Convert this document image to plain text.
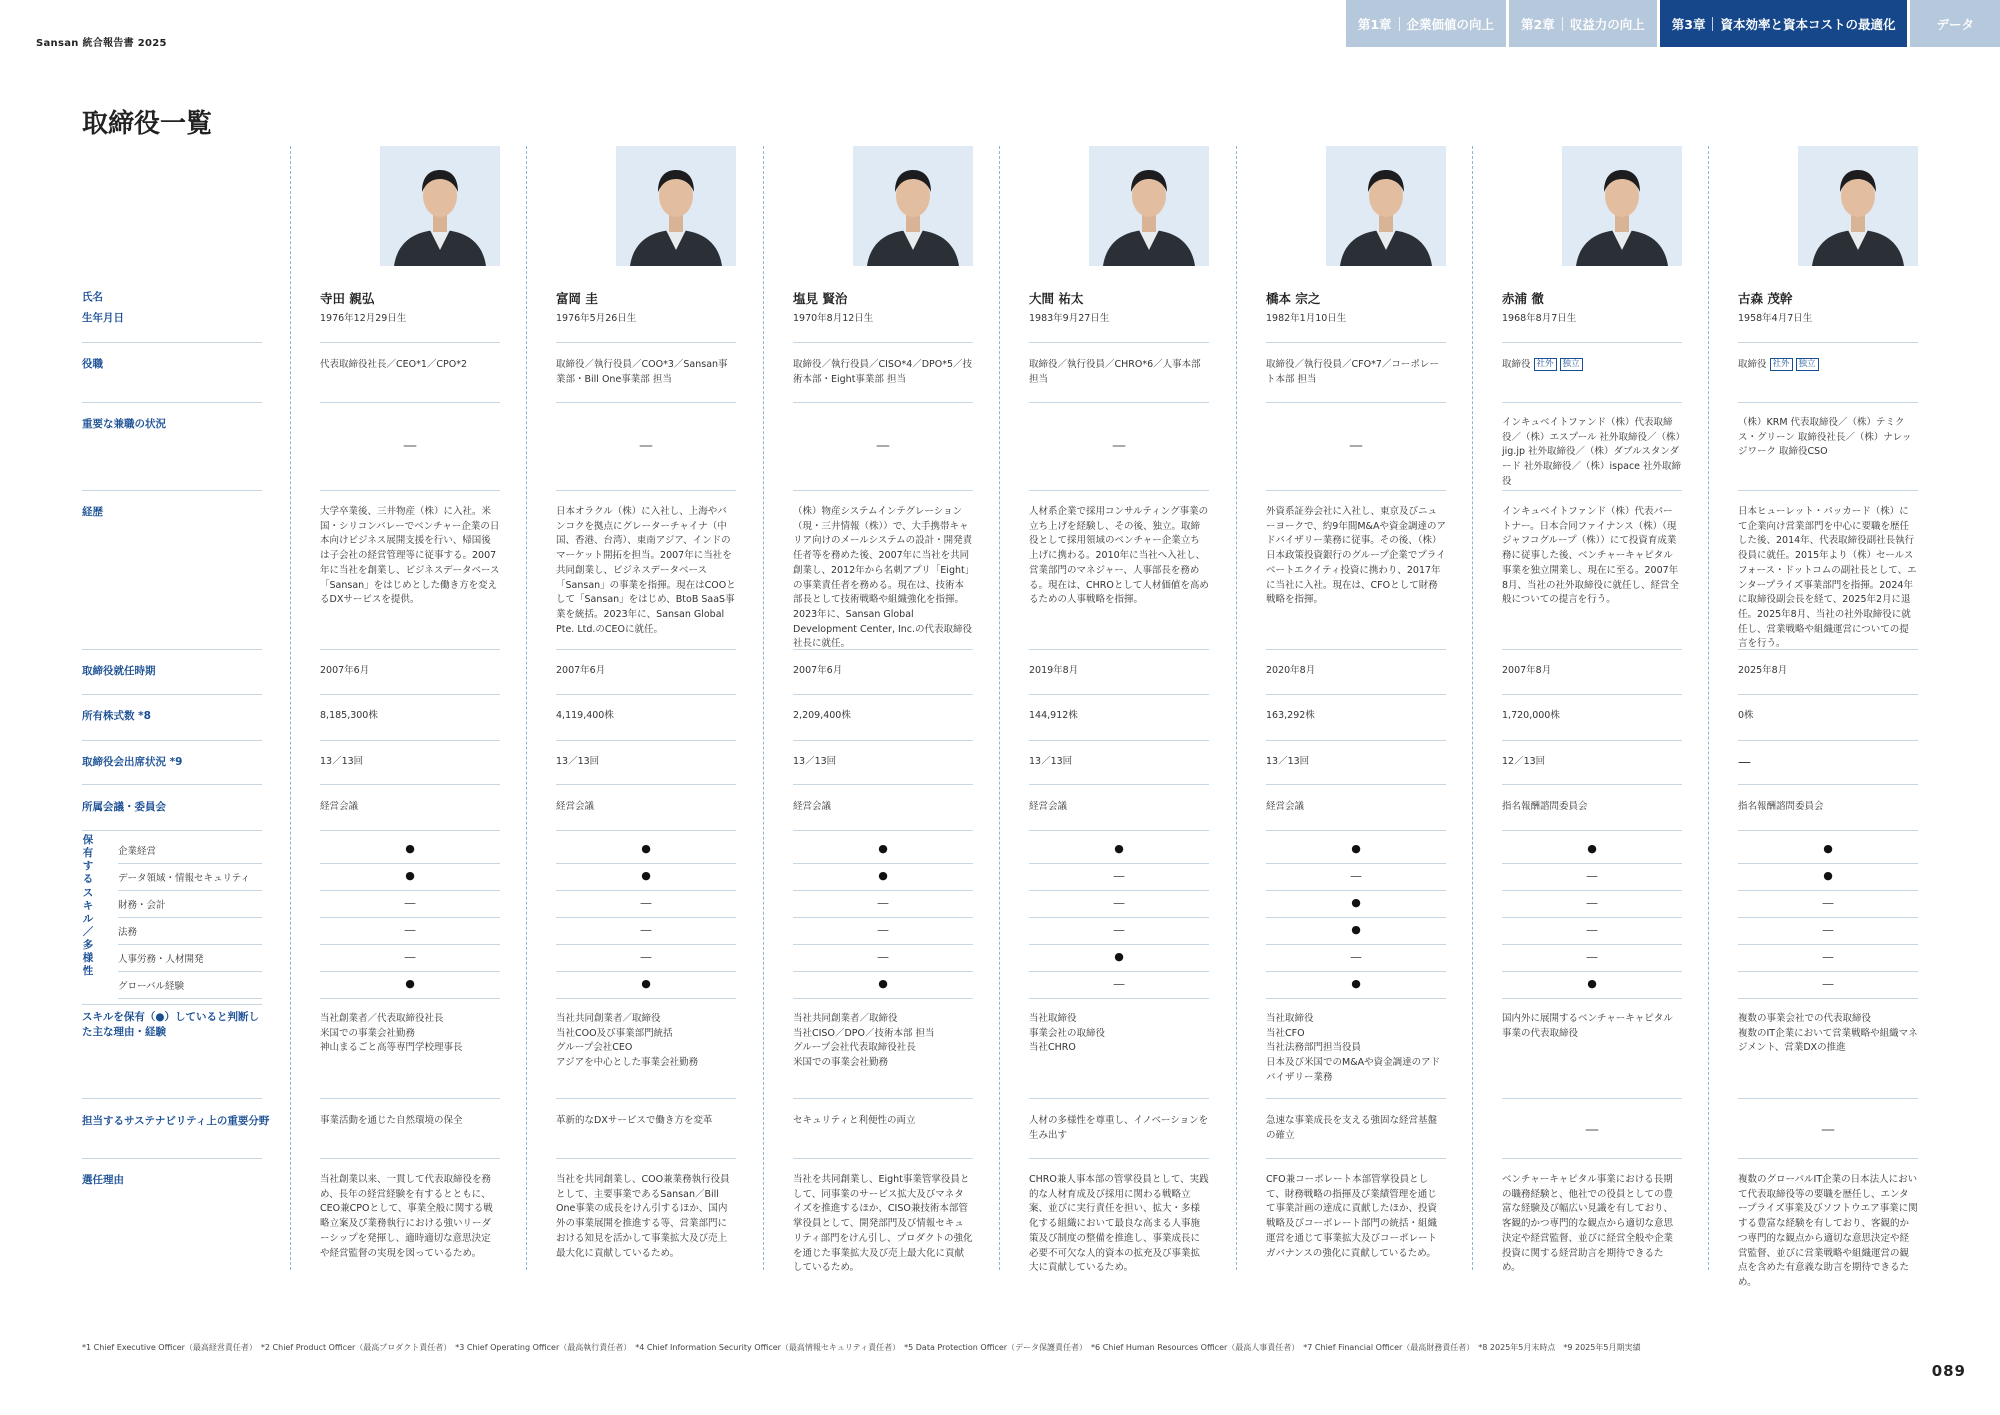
Sansan 統合報告書 2025
第1章 企業価値の向上 第2章 収益力の向上 第3章 資本効率と資本コストの最適化	データ
取締役一覧
氏名
生年月日
役職
重要な兼職の状況
経歴
取締役就任時期
所有株式数 *8
取締役会出席状況 *9
所属会議・委員会
保有するスキル／多様性
企業経営
データ領域・情報セキュリティ
財務・会計
法務
人事労務・人材開発
グローバル経験
スキルを保有（●）していると判断した主な理由・経験
担当するサステナビリティ上の重要分野
選任理由
寺田 親弘
1976年12月29日生
代表取締役社長／CEO*1／CPO*2
—
大学卒業後、三井物産（株）に入社。米国・シリコンバレーでベンチャー企業の日本向けビジネス展開支援を行い、帰国後は子会社の経営管理等に従事する。2007年に当社を創業し、ビジネスデータベース「Sansan」をはじめとした働き方を変えるDXサービスを提供。
2007年6月
8,185,300株
13／13回
経営会議
●
●
—
—
—
●
当社創業者／代表取締役社長
米国での事業会社勤務
神山まるごと高等専門学校理事長
事業活動を通じた自然環境の保全
当社創業以来、一貫して代表取締役を務め、長年の経営経験を有するとともに、CEO兼CPOとして、事業全般に関する戦略立案及び業務執行における強いリーダーシップを発揮し、適時適切な意思決定や経営監督の実現を図っているため。
富岡 圭
1976年5月26日生
取締役／執行役員／COO*3／Sansan事業部・Bill One事業部 担当
—
日本オラクル（株）に入社し、上海やバンコクを拠点にグレーターチャイナ（中国、香港、台湾）、東南アジア、インドのマーケット開拓を担当。2007年に当社を共同創業し、ビジネスデータベース「Sansan」の事業を指揮。現在はCOOとして「Sansan」をはじめ、BtoB SaaS事業を統括。2023年に、Sansan Global Pte. Ltd.のCEOに就任。
2007年6月
4,119,400株
13／13回
経営会議
●
●
—
—
—
●
当社共同創業者／取締役
当社COO及び事業部門統括
グループ会社CEO
アジアを中心とした事業会社勤務
革新的なDXサービスで働き方を変革
当社を共同創業し、COO兼業務執行役員として、主要事業であるSansan／Bill One事業の成長をけん引するほか、国内外の事業展開を推進する等、営業部門における知見を活かして事業拡大及び売上最大化に貢献しているため。
塩見 賢治
1970年8月12日生
取締役／執行役員／CISO*4／DPO*5／技術本部・Eight事業部 担当
—
（株）物産システムインテグレーション（現・三井情報（株））で、大手携帯キャリア向けのメールシステムの設計・開発責任者等を務めた後、2007年に当社を共同創業し、2012年から名刺アプリ「Eight」の事業責任者を務める。現在は、技術本部長として技術戦略や組織強化を指揮。2023年に、Sansan Global Development Center, Inc.の代表取締役社長に就任。
2007年6月
2,209,400株
13／13回
経営会議
●
●
—
—
—
●
当社共同創業者／取締役
当社CISO／DPO／技術本部 担当
グループ会社代表取締役社長
米国での事業会社勤務
セキュリティと利便性の両立
当社を共同創業し、Eight事業管掌役員として、同事業のサービス拡大及びマネタイズを推進するほか、CISO兼技術本部管掌役員として、開発部門及び情報セキュリティ部門をけん引し、プロダクトの強化を通じた事業拡大及び売上最大化に貢献しているため。
大間 祐太
1983年9月27日生
取締役／執行役員／CHRO*6／人事本部担当
—
人材系企業で採用コンサルティング事業の立ち上げを経験し、その後、独立。取締役として採用領域のベンチャー企業立ち上げに携わる。2010年に当社へ入社し、営業部門のマネジャー、人事部長を務める。現在は、CHROとして人材価値を高めるための人事戦略を指揮。
2019年8月
144,912株
13／13回
経営会議
●
—
—
—
●
—
当社取締役
事業会社の取締役
当社CHRO
人材の多様性を尊重し、イノベーションを生み出す
CHRO兼人事本部の管掌役員として、実践的な人材育成及び採用に関わる戦略立案、並びに実行責任を担い、拡大・多様化する組織において最良な高まる人事施策及び制度の整備を推進し、事業成長に必要不可欠な人的資本の拡充及び事業拡大に貢献しているため。
橋本 宗之
1982年1月10日生
取締役／執行役員／CFO*7／コーポレート本部 担当
—
外資系証券会社に入社し、東京及びニューヨークで、約9年間M&Aや資金調達のアドバイザリー業務に従事。その後、（株）日本政策投資銀行のグループ企業でプライベートエクイティ投資に携わり、2017年に当社に入社。現在は、CFOとして財務戦略を指揮。
2020年8月
163,292株
13／13回
経営会議
●
—
●
●
—
●
当社取締役
当社CFO
当社法務部門担当役員
日本及び米国でのM&Aや資金調達のアドバイザリー業務
急速な事業成長を支える強固な経営基盤の確立
CFO兼コーポレート本部管掌役員として、財務戦略の指揮及び業績管理を通じて事業計画の達成に貢献したほか、投資戦略及びコーポレート部門の統括・組織運営を通じて事業拡大及びコーポレートガバナンスの強化に貢献しているため。
赤浦 徹
1968年8月7日生
取締役 社外 独立
インキュベイトファンド（株）代表取締役／（株）エスプール 社外取締役／（株）jig.jp 社外取締役／（株）ダブルスタンダード 社外取締役／（株）ispace 社外取締役
インキュベイトファンド（株）代表パートナー。日本合同ファイナンス（株）（現 ジャフコグループ（株））にて投資育成業務に従事した後、ベンチャーキャピタル事業を独立開業し、現在に至る。2007年8月、当社の社外取締役に就任し、経営全般についての提言を行う。
2007年8月
1,720,000株
12／13回
指名報酬諮問委員会
●
—
—
—
—
●
国内外に展開するベンチャーキャピタル事業の代表取締役
—
ベンチャーキャピタル事業における長期の職務経験と、他社での役員としての豊富な経験及び幅広い見識を有しており、客観的かつ専門的な観点から適切な意思決定や経営監督、並びに経営全般や企業投資に関する経営助言を期待できるため。
古森 茂幹
1958年4月7日生
取締役 社外 独立
（株）KRM 代表取締役／（株）テミクス・グリーン 取締役社長／（株）ナレッジワーク 取締役CSO
日本ヒューレット・パッカード（株）にて企業向け営業部門を中心に要職を歴任した後、2014年、代表取締役副社長執行役員に就任。2015年より（株）セールスフォース・ドットコムの副社長として、エンタープライズ事業部門を指揮。2024年に取締役副会長を経て、2025年2月に退任。2025年8月、当社の社外取締役に就任し、営業戦略や組織運営についての提言を行う。
2025年8月
0株
—
指名報酬諮問委員会
●
●
—
—
—
—
複数の事業会社での代表取締役
複数のIT企業において営業戦略や組織マネジメント、営業DXの推進
—
複数のグローバルIT企業の日本法人において代表取締役等の要職を歴任し、エンタープライズ事業及びソフトウエア事業に関する豊富な経験を有しており、客観的かつ専門的な観点から適切な意思決定や経営監督、並びに営業戦略や組織運営の観点を含めた有意義な助言を期待できるため。
*1 Chief Executive Officer（最高経営責任者）　*2 Chief Product Officer（最高プロダクト責任者）　*3 Chief Operating Officer（最高執行責任者）　*4 Chief Information Security Officer（最高情報セキュリティ責任者）　*5 Data Protection Officer（データ保護責任者）　*6 Chief Human Resources Officer（最高人事責任者）　*7 Chief Financial Officer（最高財務責任者）　*8 2025年5月末時点　*9 2025年5月期実績
089
